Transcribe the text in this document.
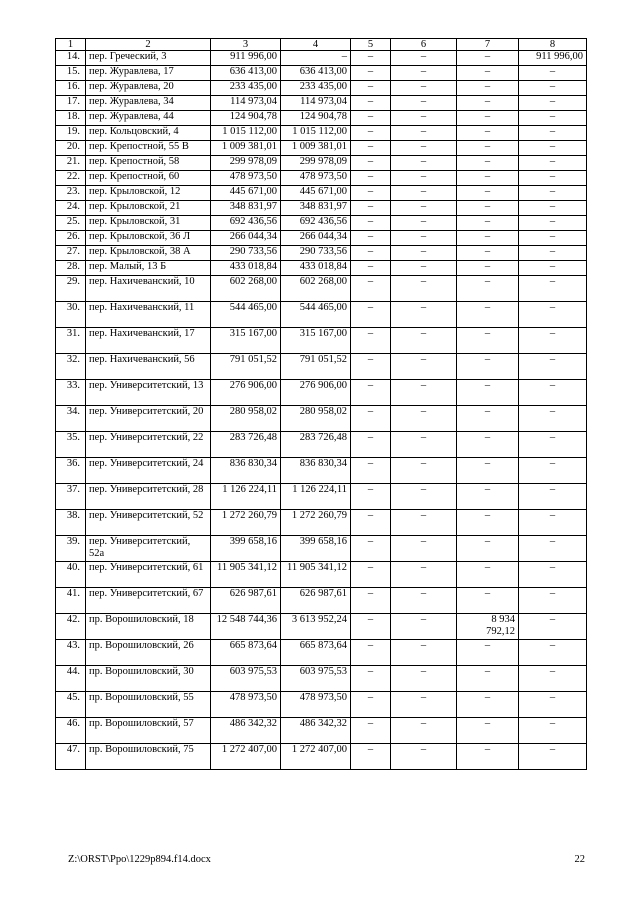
1	2	3	4	5	6	7	8
14.	пер. Греческий, 3	911 996,00	–	–	–	–	911 996,00
15.	пер. Журавлева, 17	636 413,00	636 413,00	–	–	–	–
16.	пер. Журавлева, 20	233 435,00	233 435,00	–	–	–	–
17.	пер. Журавлева, 34	114 973,04	114 973,04	–	–	–	–
18.	пер. Журавлева, 44	124 904,78	124 904,78	–	–	–	–
19.	пер. Кольцовский, 4	1 015 112,00	1 015 112,00	–	–	–	–
20.	пер. Крепостной, 55 В	1 009 381,01	1 009 381,01	–	–	–	–
21.	пер. Крепостной, 58	299 978,09	299 978,09	–	–	–	–
22.	пер. Крепостной, 60	478 973,50	478 973,50	–	–	–	–
23.	пер. Крыловской, 12	445 671,00	445 671,00	–	–	–	–
24.	пер. Крыловской, 21	348 831,97	348 831,97	–	–	–	–
25.	пер. Крыловской, 31	692 436,56	692 436,56	–	–	–	–
26.	пер. Крыловской, 36 Л	266 044,34	266 044,34	–	–	–	–
27.	пер. Крыловской, 38 А	290 733,56	290 733,56	–	–	–	–
28.	пер. Малый, 13 Б	433 018,84	433 018,84	–	–	–	–
29.	пер. Нахичеванский, 10	602 268,00	602 268,00	–	–	–	–
30.	пер. Нахичеванский, 11	544 465,00	544 465,00	–	–	–	–
31.	пер. Нахичеванский, 17	315 167,00	315 167,00	–	–	–	–
32.	пер. Нахичеванский, 56	791 051,52	791 051,52	–	–	–	–
33.	пер. Университетский, 13	276 906,00	276 906,00	–	–	–	–
34.	пер. Университетский, 20	280 958,02	280 958,02	–	–	–	–
35.	пер. Университетский, 22	283 726,48	283 726,48	–	–	–	–
36.	пер. Университетский, 24	836 830,34	836 830,34	–	–	–	–
37.	пер. Университетский, 28	1 126 224,11	1 126 224,11	–	–	–	–
38.	пер. Университетский, 52	1 272 260,79	1 272 260,79	–	–	–	–
39.	пер. Университетский, 52а	399 658,16	399 658,16	–	–	–	–
40.	пер. Университетский, 61	11 905 341,12	11 905 341,12	–	–	–	–
41.	пер. Университетский, 67	626 987,61	626 987,61	–	–	–	–
42.	пр. Ворошиловский, 18	12 548 744,36	3 613 952,24	–	–	8 934 792,12	–
43.	пр. Ворошиловский, 26	665 873,64	665 873,64	–	–	–	–
44.	пр. Ворошиловский, 30	603 975,53	603 975,53	–	–	–	–
45.	пр. Ворошиловский, 55	478 973,50	478 973,50	–	–	–	–
46.	пр. Ворошиловский, 57	486 342,32	486 342,32	–	–	–	–
47.	пр. Ворошиловский, 75	1 272 407,00	1 272 407,00	–	–	–	–
Z:\ORST\Ppo\1229p894.f14.docx	22
